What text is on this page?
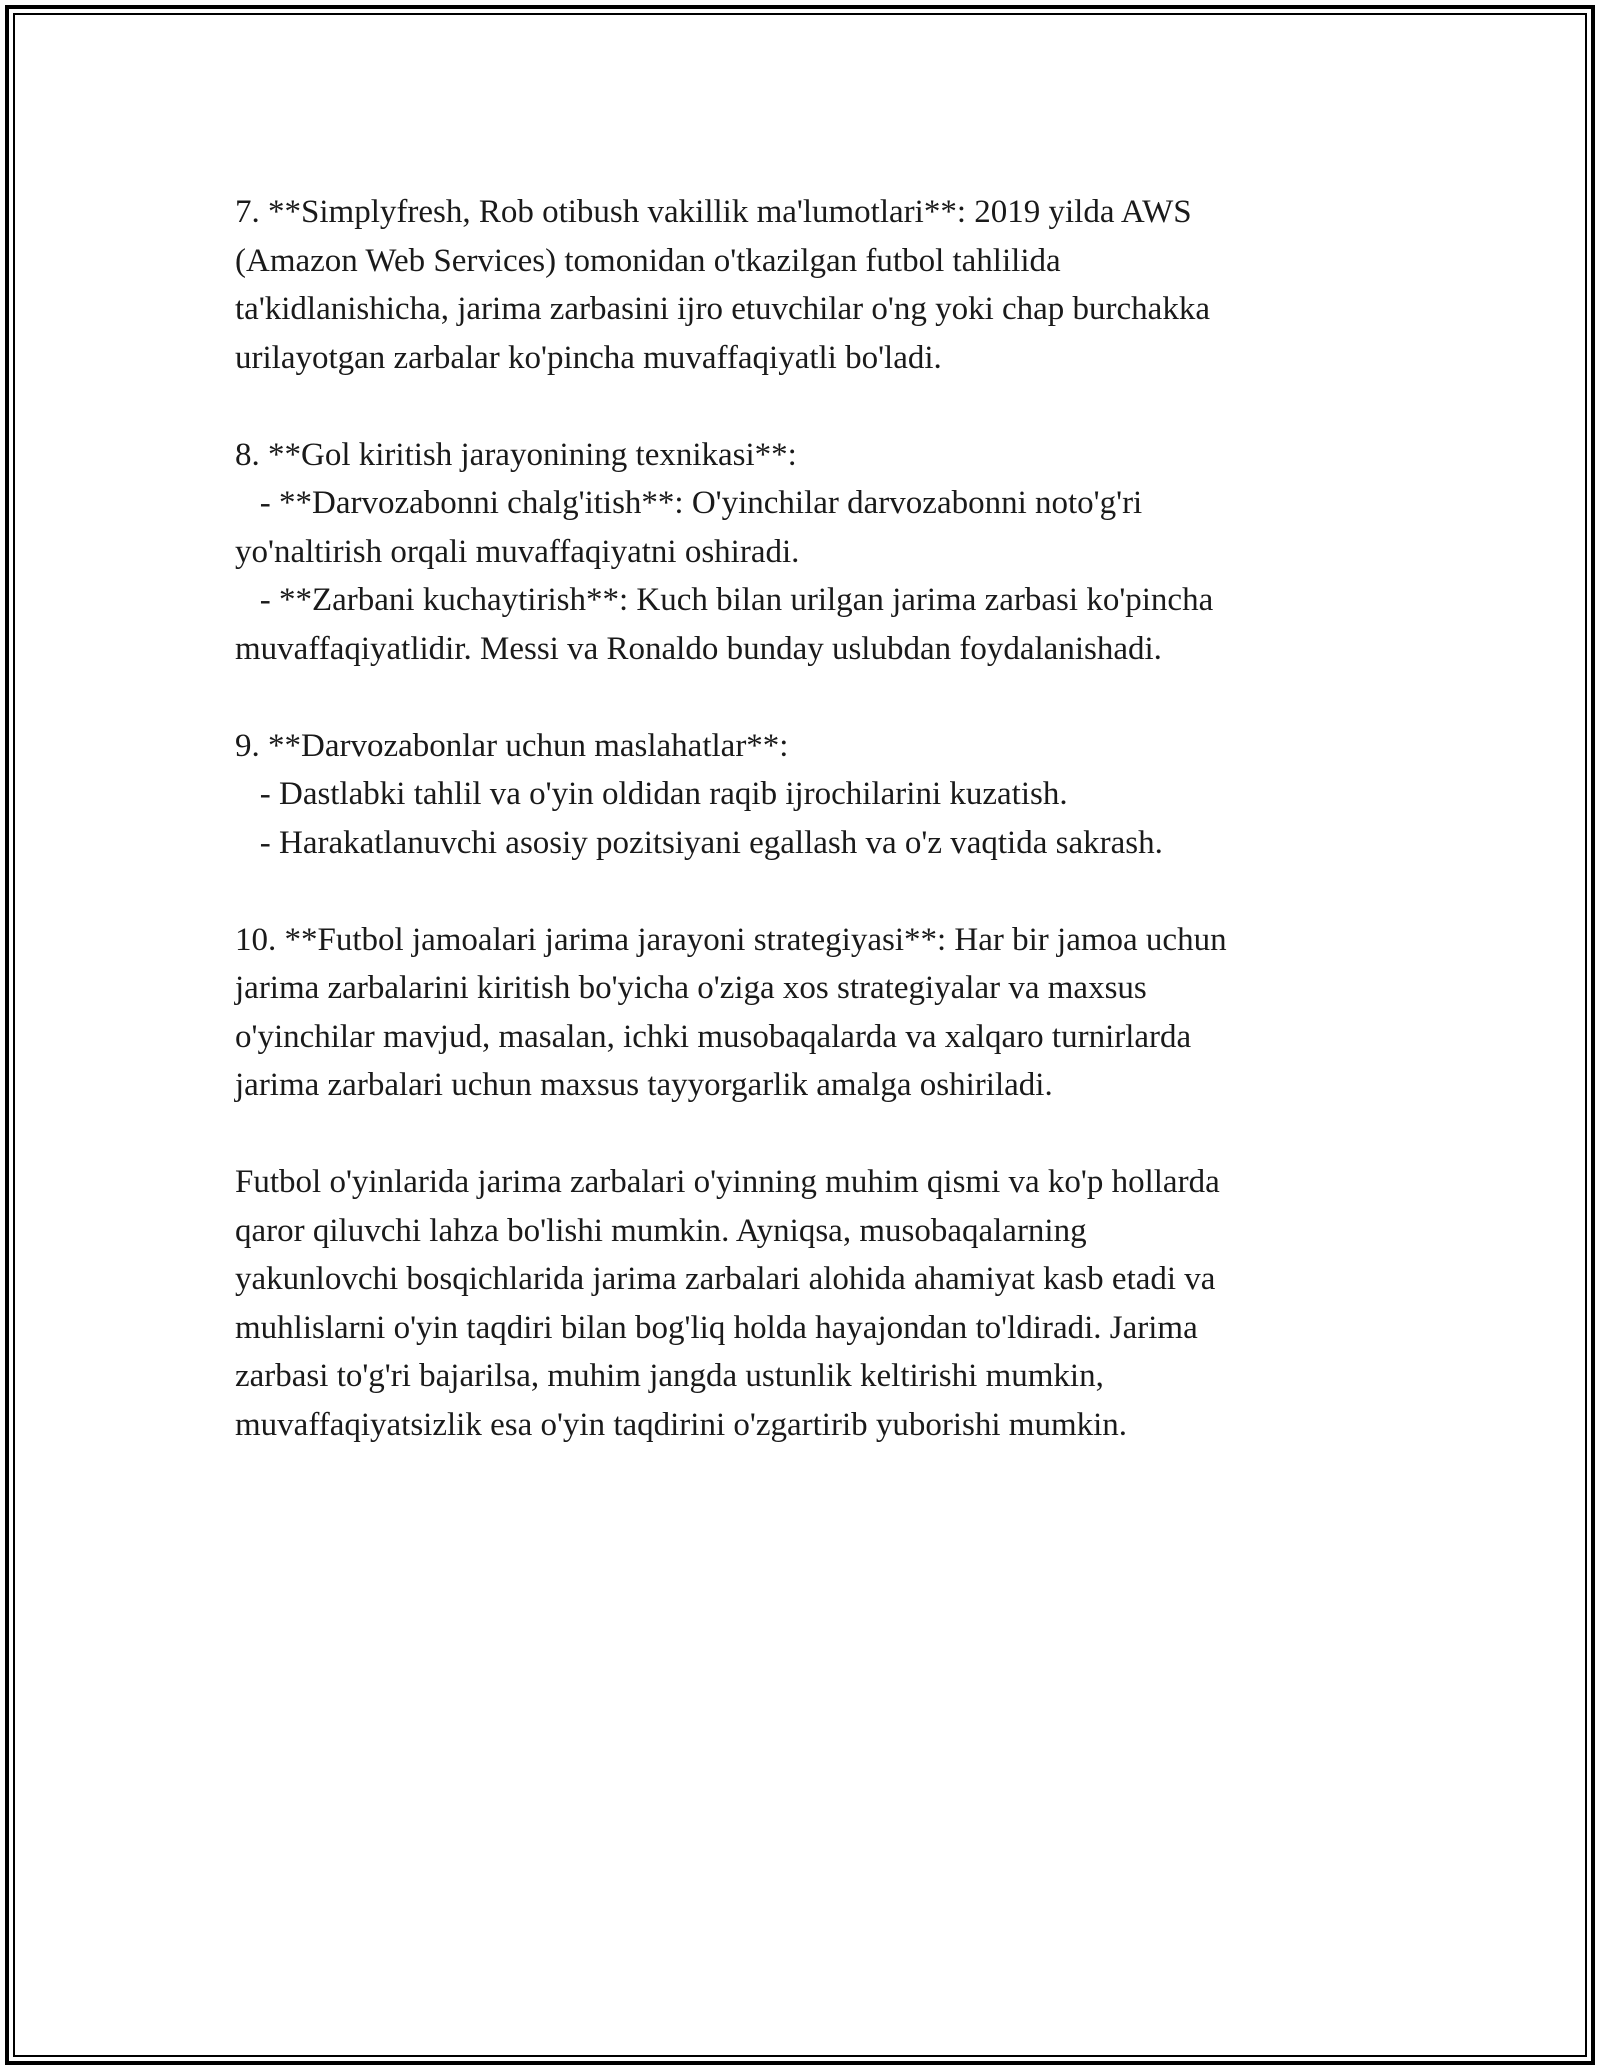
7. **Simplyfresh, Rob otibush vakillik ma'lumotlari**: 2019 yilda AWS
(Amazon Web Services) tomonidan o'tkazilgan futbol tahlilida
ta'kidlanishicha, jarima zarbasini ijro etuvchilar o'ng yoki chap burchakka
urilayotgan zarbalar ko'pincha muvaffaqiyatli bo'ladi.

8. **Gol kiritish jarayonining texnikasi**:
- **Darvozabonni chalg'itish**: O'yinchilar darvozabonni noto'g'ri
yo'naltirish orqali muvaffaqiyatni oshiradi.
- **Zarbani kuchaytirish**: Kuch bilan urilgan jarima zarbasi ko'pincha
muvaffaqiyatlidir. Messi va Ronaldo bunday uslubdan foydalanishadi.

9. **Darvozabonlar uchun maslahatlar**:
- Dastlabki tahlil va o'yin oldidan raqib ijrochilarini kuzatish.
- Harakatlanuvchi asosiy pozitsiyani egallash va o'z vaqtida sakrash.

10. **Futbol jamoalari jarima jarayoni strategiyasi**: Har bir jamoa uchun
jarima zarbalarini kiritish bo'yicha o'ziga xos strategiyalar va maxsus
o'yinchilar mavjud, masalan, ichki musobaqalarda va xalqaro turnirlarda
jarima zarbalari uchun maxsus tayyorgarlik amalga oshiriladi.

Futbol o'yinlarida jarima zarbalari o'yinning muhim qismi va ko'p hollarda
qaror qiluvchi lahza bo'lishi mumkin. Ayniqsa, musobaqalarning
yakunlovchi bosqichlarida jarima zarbalari alohida ahamiyat kasb etadi va
muhlislarni o'yin taqdiri bilan bog'liq holda hayajondan to'ldiradi. Jarima
zarbasi to'g'ri bajarilsa, muhim jangda ustunlik keltirishi mumkin,
muvaffaqiyatsizlik esa o'yin taqdirini o'zgartirib yuborishi mumkin.
